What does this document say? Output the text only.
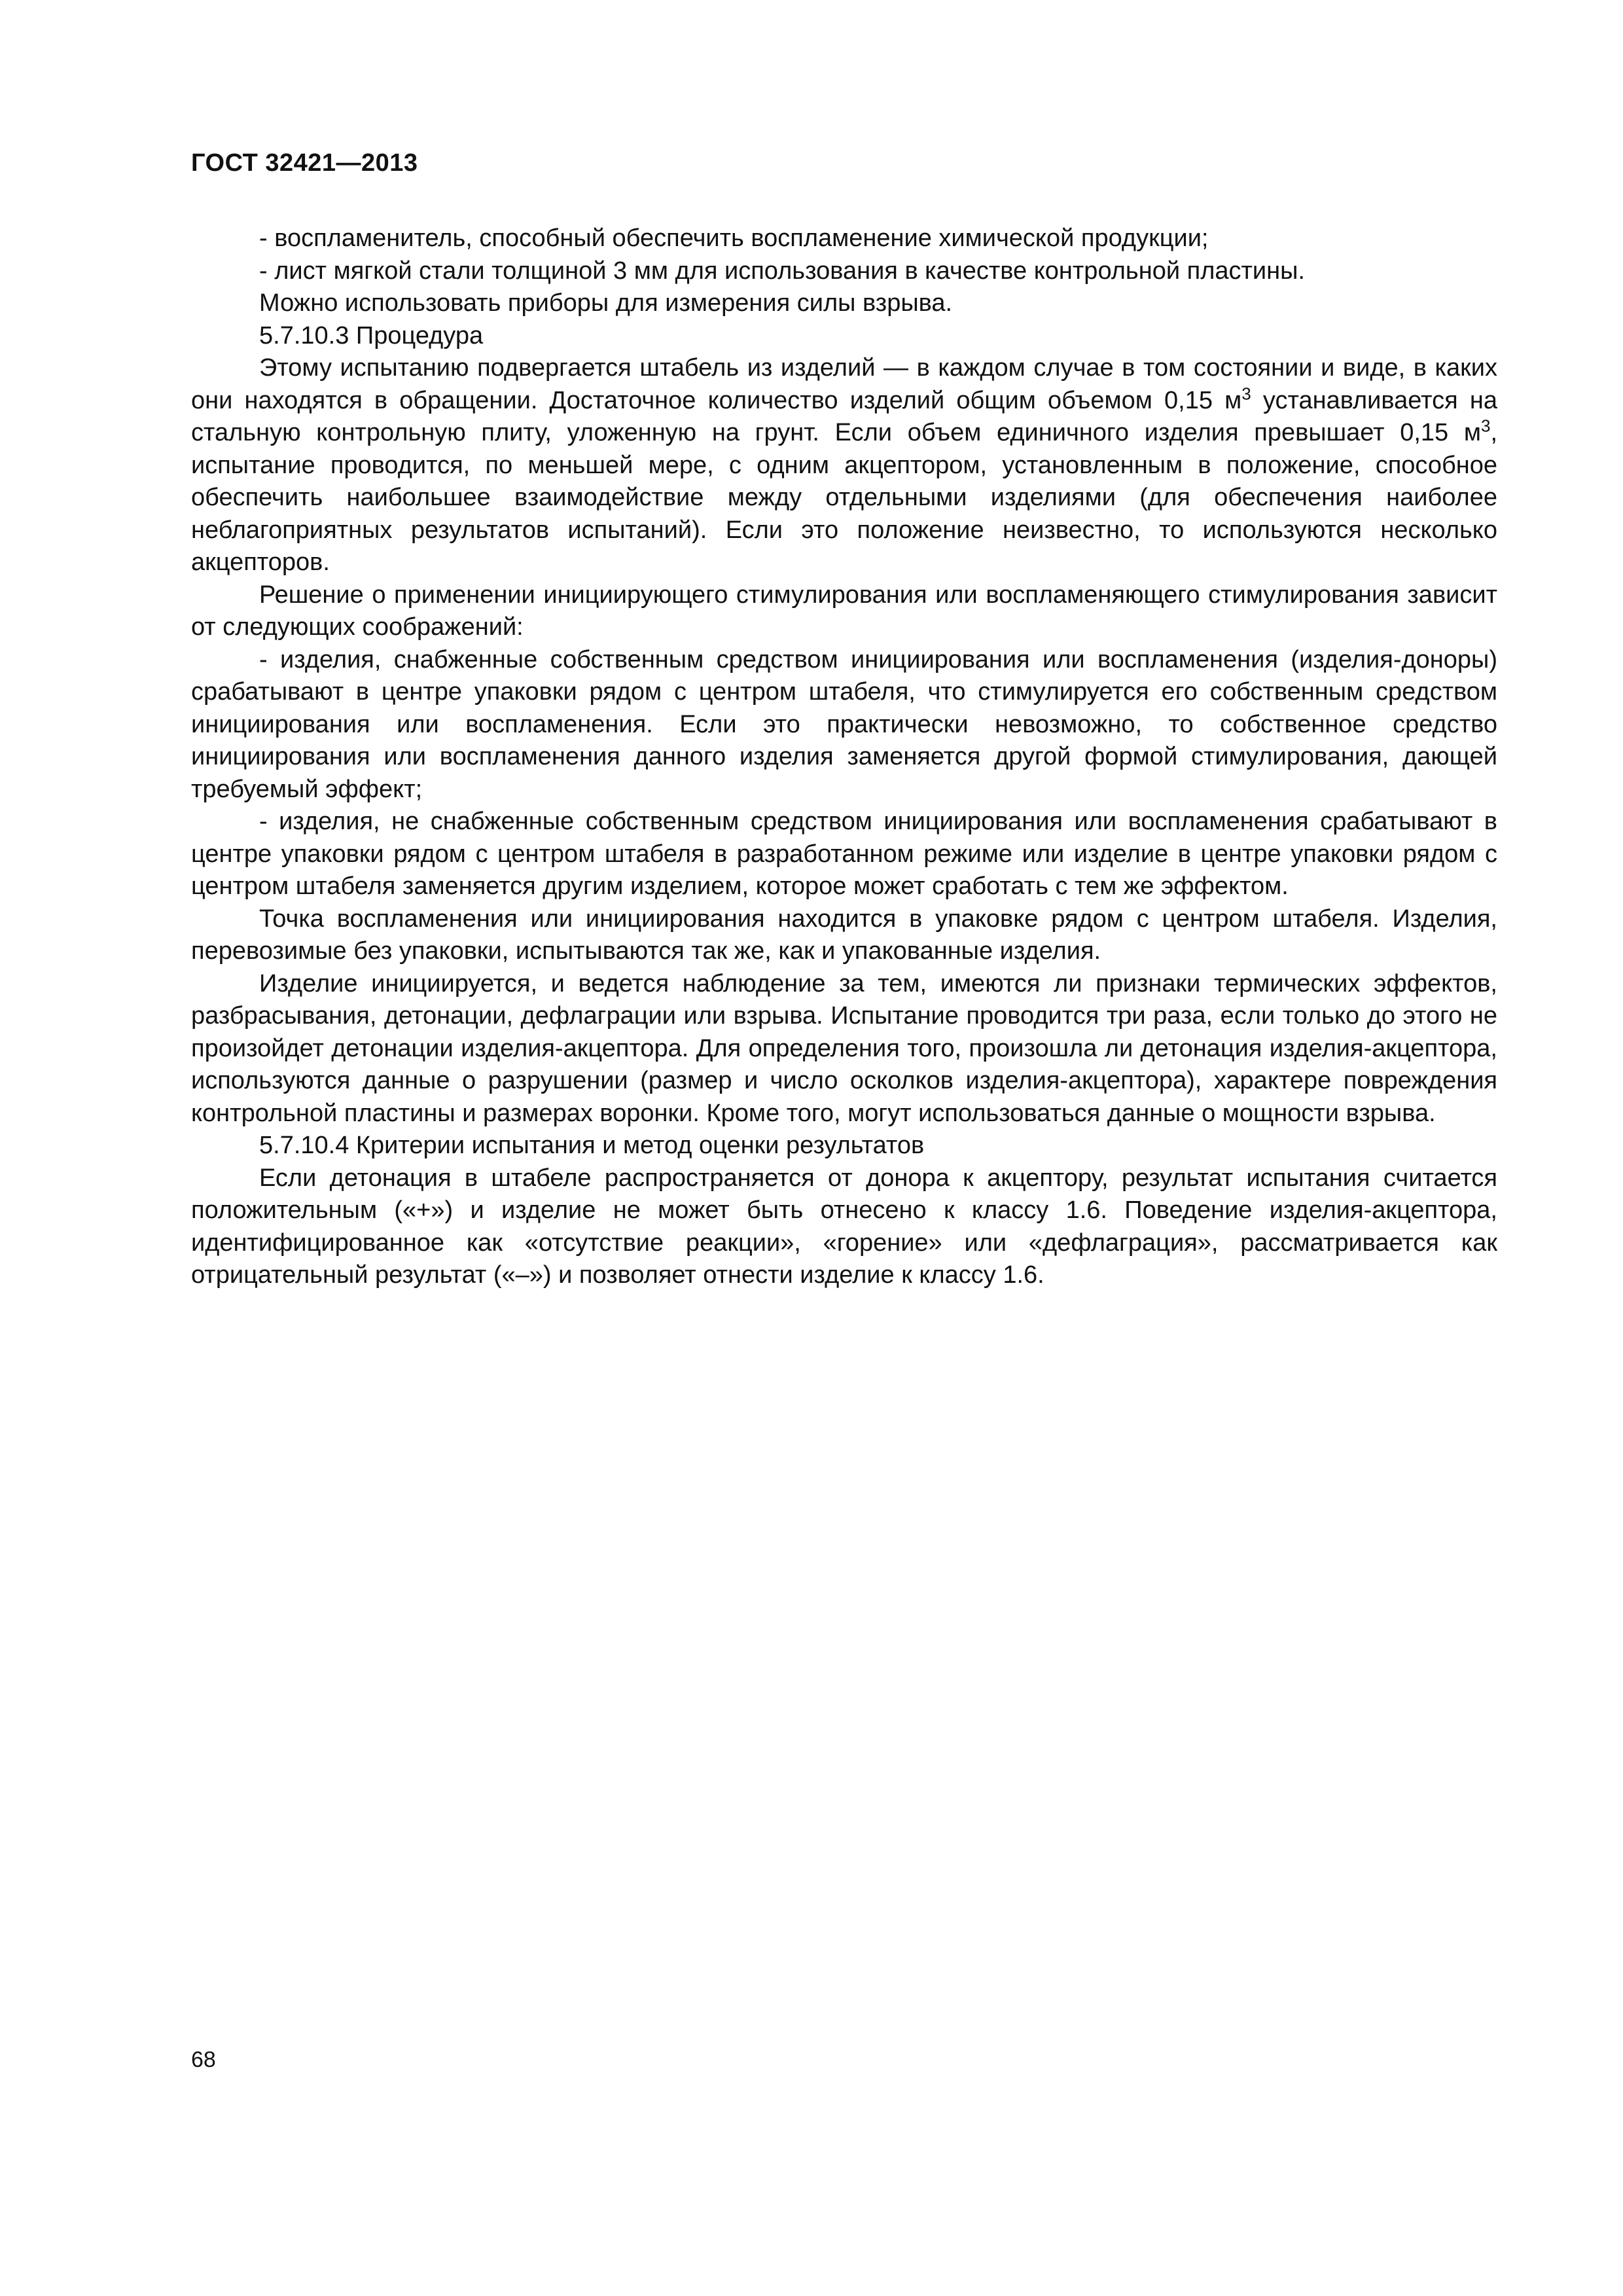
ГОСТ 32421—2013

- воспламенитель, способный обеспечить воспламенение химической продукции;

- лист мягкой стали толщиной 3 мм для использования в качестве контрольной пластины.

Можно использовать приборы для измерения силы взрыва.

5.7.10.3 Процедура

Этому испытанию подвергается штабель из изделий — в каждом случае в том состоянии и виде, в каких они находятся в обращении. Достаточное количество изделий общим объемом 0,15 $м^3$ устанавливается на стальную контрольную плиту, уложенную на грунт. Если объем единичного изделия превышает 0,15 $м^3$, испытание проводится, по меньшей мере, с одним акцептором, установленным в положение, способное обеспечить наибольшее взаимодействие между отдельными изделиями (для обеспечения наиболее неблагоприятных результатов испытаний). Если это положение неизвестно, то используются несколько акцепторов.

Решение о применении инициирующего стимулирования или воспламеняющего стимулирования зависит от следующих соображений:

- изделия, снабженные собственным средством инициирования или воспламенения (изделия-доноры) срабатывают в центре упаковки рядом с центром штабеля, что стимулируется его собственным средством инициирования или воспламенения. Если это практически невозможно, то собственное средство инициирования или воспламенения данного изделия заменяется другой формой стимулирования, дающей требуемый эффект;

- изделия, не снабженные собственным средством инициирования или воспламенения срабатывают в центре упаковки рядом с центром штабеля в разработанном режиме или изделие в центре упаковки рядом с центром штабеля заменяется другим изделием, которое может сработать с тем же эффектом.

Точка воспламенения или инициирования находится в упаковке рядом с центром штабеля. Изделия, перевозимые без упаковки, испытываются так же, как и упакованные изделия.

Изделие инициируется, и ведется наблюдение за тем, имеются ли признаки термических эффектов, разбрасывания, детонации, дефлаграции или взрыва. Испытание проводится три раза, если только до этого не произойдет детонации изделия-акцептора. Для определения того, произошла ли детонация изделия-акцептора, используются данные о разрушении (размер и число осколков изделия-акцептора), характере повреждения контрольной пластины и размерах воронки. Кроме того, могут использоваться данные о мощности взрыва.

5.7.10.4 Критерии испытания и метод оценки результатов

Если детонация в штабеле распространяется от донора к акцептору, результат испытания считается положительным («+») и изделие не может быть отнесено к классу 1.6. Поведение изделия-акцептора, идентифицированное как «отсутствие реакции», «горение» или «дефлаграция», рассматривается как отрицательный результат («–») и позволяет отнести изделие к классу 1.6.

68
